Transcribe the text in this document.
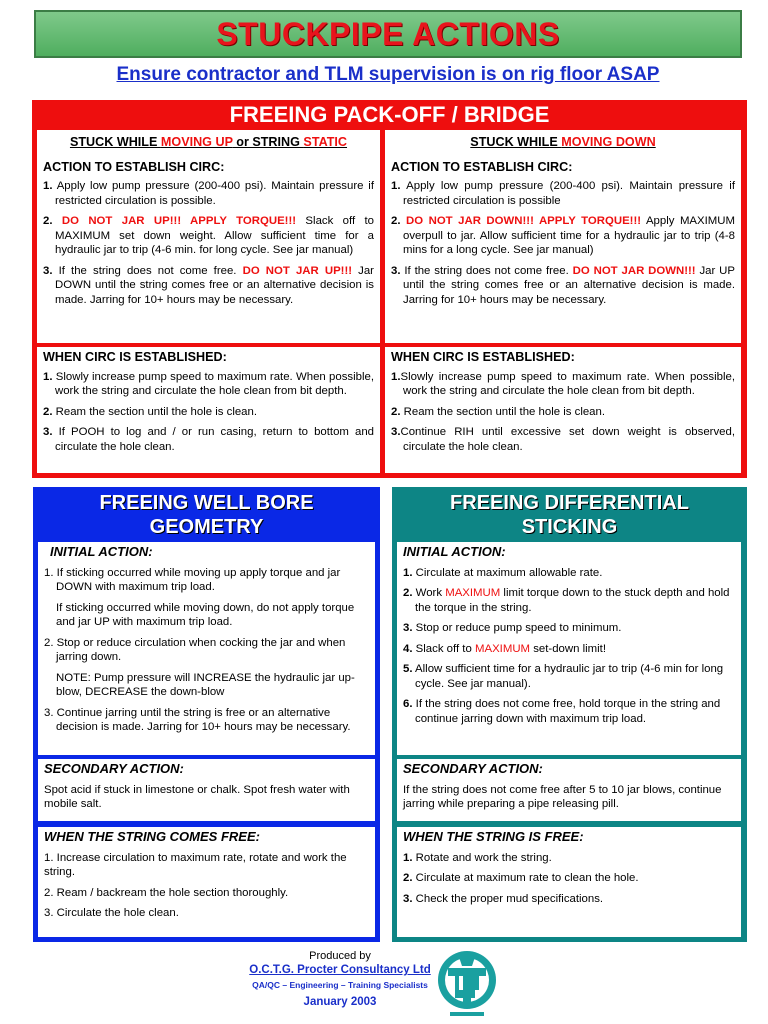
STUCKPIPE ACTIONS
Ensure contractor and TLM supervision is on rig floor ASAP
FREEING PACK-OFF / BRIDGE
STUCK WHILE MOVING UP or STRING STATIC
ACTION TO ESTABLISH CIRC:
1. Apply low pump pressure (200-400 psi). Maintain pressure if restricted circulation is possible.
2. DO NOT JAR UP!!! APPLY TORQUE!!! Slack off to MAXIMUM set down weight. Allow sufficient time for a hydraulic jar to trip (4-6 min. for long cycle. See jar manual)
3. If the string does not come free. DO NOT JAR UP!!! Jar DOWN until the string comes free or an alternative decision is made. Jarring for 10+ hours may be necessary.
STUCK WHILE MOVING DOWN
ACTION TO ESTABLISH CIRC:
1. Apply low pump pressure (200-400 psi). Maintain pressure if restricted circulation is possible
2. DO NOT JAR DOWN!!! APPLY TORQUE!!! Apply MAXIMUM overpull to jar. Allow sufficient time for a hydraulic jar to trip (4-8 mins for a long cycle. See jar manual)
3. If the string does not come free. DO NOT JAR DOWN!!! Jar UP until the string comes free or an alternative decision is made. Jarring for 10+ hours may be necessary.
WHEN CIRC IS ESTABLISHED:
1. Slowly increase pump speed to maximum rate. When possible, work the string and circulate the hole clean from bit depth.
2. Ream the section until the hole is clean.
3. If POOH to log and / or run casing, return to bottom and circulate the hole clean.
WHEN CIRC IS ESTABLISHED:
1.Slowly increase pump speed to maximum rate. When possible, work the string and circulate the hole clean from bit depth.
2. Ream the section until the hole is clean.
3.Continue RIH until excessive set down weight is observed, circulate the hole clean.
FREEING WELL BORE GEOMETRY
INITIAL ACTION:
1. If sticking occurred while moving up apply torque and jar DOWN with maximum trip load.
If sticking occurred while moving down, do not apply torque and jar UP with maximum trip load.
2. Stop or reduce circulation when cocking the jar and when jarring down.
NOTE: Pump pressure will INCREASE the hydraulic jar up-blow, DECREASE the down-blow
3. Continue jarring until the string is free or an alternative decision is made. Jarring for 10+ hours may be necessary.
SECONDARY ACTION:
Spot acid if stuck in limestone or chalk. Spot fresh water with mobile salt.
WHEN THE STRING COMES FREE:
1. Increase circulation to maximum rate, rotate and work the string.
2. Ream / backream the hole section thoroughly.
3. Circulate the hole clean.
FREEING DIFFERENTIAL STICKING
INITIAL ACTION:
1. Circulate at maximum allowable rate.
2. Work MAXIMUM limit torque down to the stuck depth and hold the torque in the string.
3. Stop or reduce pump speed to minimum.
4. Slack off to MAXIMUM set-down limit!
5. Allow sufficient time for a hydraulic jar to trip (4-6 min for long cycle. See jar manual).
6. If the string does not come free, hold torque in the string and continue jarring down with maximum trip load.
SECONDARY ACTION:
If the string does not come free after 5 to 10 jar blows, continue jarring while preparing a pipe releasing pill.
WHEN THE STRING IS FREE:
1. Rotate and work the string.
2. Circulate at maximum rate to clean the hole.
3. Check the proper mud specifications.
Produced by
O.C.T.G. Procter Consultancy Ltd
QA/QC – Engineering – Training Specialists
January 2003
